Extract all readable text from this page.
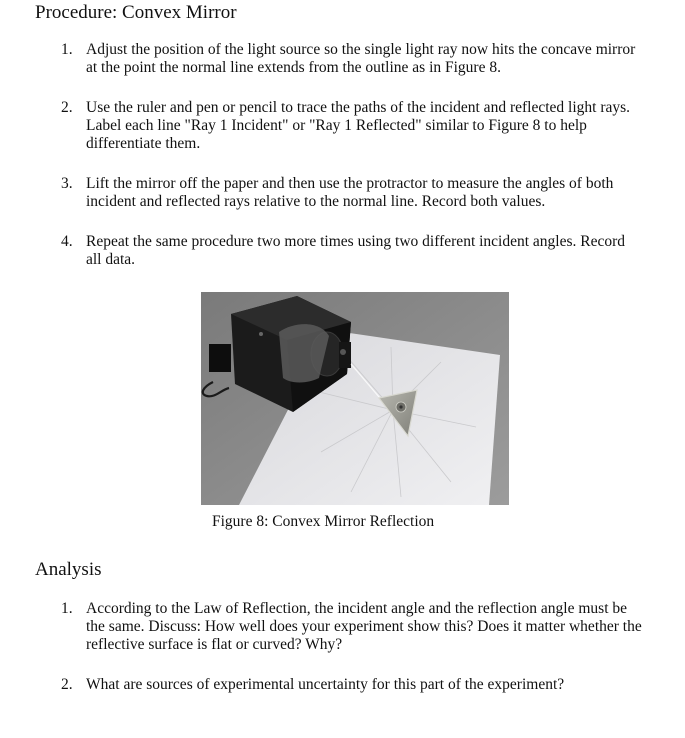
Procedure: Convex Mirror
1. Adjust the position of the light source so the single light ray now hits the concave mirror
at the point the normal line extends from the outline as in Figure 8.
2. Use the ruler and pen or pencil to trace the paths of the incident and reflected light rays.
Label each line "Ray 1 Incident" or "Ray 1 Reflected" similar to Figure 8 to help
differentiate them.
3. Lift the mirror off the paper and then use the protractor to measure the angles of both
incident and reflected rays relative to the normal line. Record both values.
4. Repeat the same procedure two more times using two different incident angles. Record
all data.
Figure 8: Convex Mirror Reflection
Analysis
1. According to the Law of Reflection, the incident angle and the reflection angle must be
the same. Discuss: How well does your experiment show this? Does it matter whether the
reflective surface is flat or curved? Why?
2. What are sources of experimental uncertainty for this part of the experiment?
